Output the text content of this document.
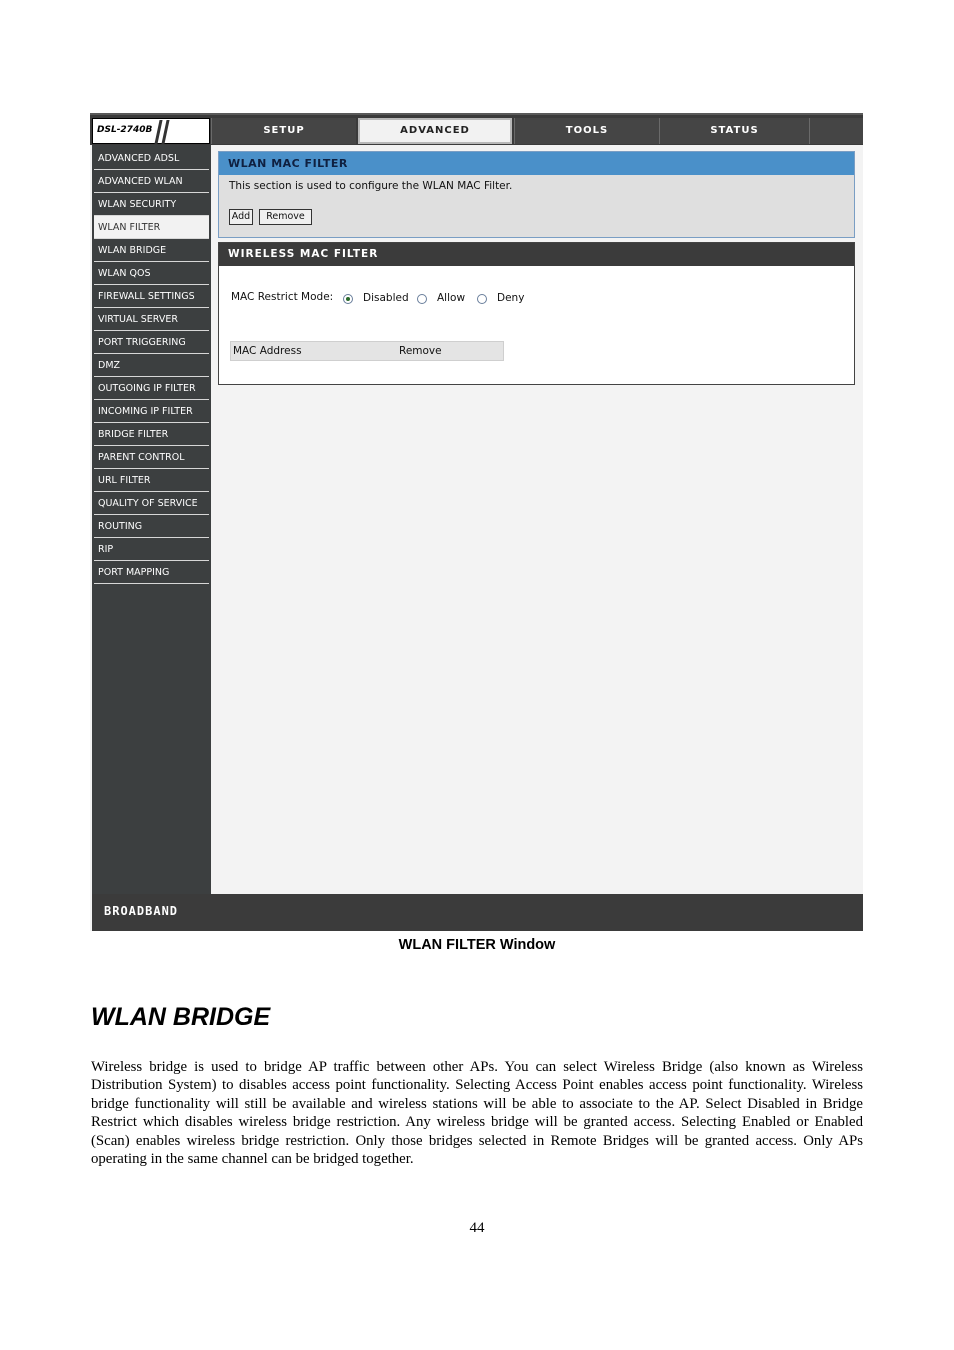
DSL-2740B	SETUP	ADVANCED	TOOLS	STATUS
ADVANCED ADSL
ADVANCED WLAN
WLAN SECURITY
WLAN FILTER
WLAN BRIDGE
WLAN QOS
FIREWALL SETTINGS
VIRTUAL SERVER
PORT TRIGGERING
DMZ
OUTGOING IP FILTER
INCOMING IP FILTER
BRIDGE FILTER
PARENT CONTROL
URL FILTER
QUALITY OF SERVICE
ROUTING
RIP
PORT MAPPING
WLAN MAC FILTER
This section is used to configure the WLAN MAC Filter.
Add	Remove
WIRELESS MAC FILTER
MAC Restrict Mode:	Disabled	Allow	Deny
MAC Address	Remove
BROADBAND
WLAN FILTER Window
WLAN BRIDGE
Wireless bridge is used to bridge AP traffic between other APs. You can select Wireless Bridge (also known as Wireless Distribution System) to disables access point functionality. Selecting Access Point enables access point functionality. Wireless bridge functionality will still be available and wireless stations will be able to associate to the AP. Select Disabled in Bridge Restrict which disables wireless bridge restriction. Any wireless bridge will be granted access. Selecting Enabled or Enabled (Scan) enables wireless bridge restriction. Only those bridges selected in Remote Bridges will be granted access. Only APs operating in the same channel can be bridged together.
44
